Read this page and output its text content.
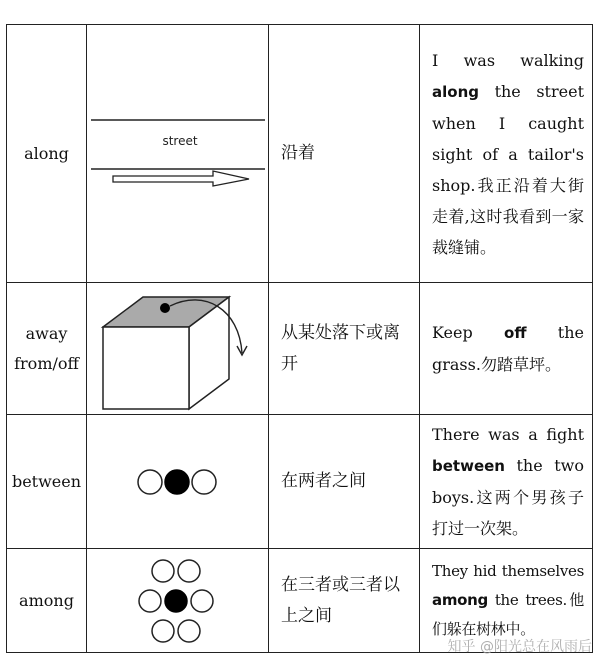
along	street	沿着	I was walking along the street when I caught sight of a tailor's shop.我正沿着大街走着,这时我看到一家裁缝铺。
away from/off		从某处落下或离开	Keep off the grass.勿踏草坪。
between		在两者之间	There was a fight between the two boys.这两个男孩子打过一次架。
among		在三者或三者以上之间	They hid themselves among the trees.他们躲在树林中。
知乎 @阳光总在风雨后
